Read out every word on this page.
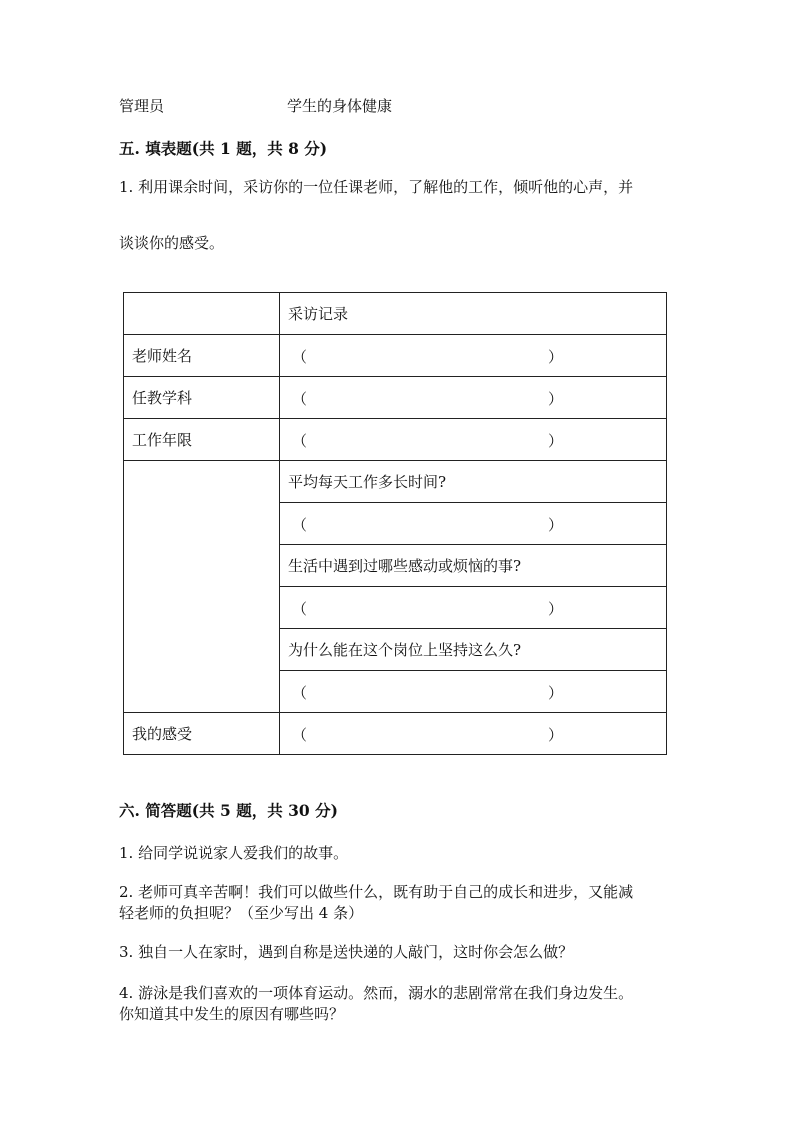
管理员	学生的身体健康
五. 填表题(共 1 题，共 8 分)
1. 利用课余时间，采访你的一位任课老师，了解他的工作，倾听他的心声，并
谈谈你的感受。
	采访记录
老师姓名	（ ）

任教学科	（ ）

工作年限	（ ）

	平均每天工作多长时间?

	（ ）

	生活中遇到过哪些感动或烦恼的事?

	（ ）

	为什么能在这个岗位上坚持这么久?

	（ ）

我的感受	（ ）
六. 简答题(共 5 题，共 30 分)
1. 给同学说说家人爱我们的故事。
2. 老师可真辛苦啊！我们可以做些什么，既有助于自己的成长和进步，又能减
轻老师的负担呢？（至少写出 4 条）
3. 独自一人在家时，遇到自称是送快递的人敲门，这时你会怎么做？
4. 游泳是我们喜欢的一项体育运动。然而，溺水的悲剧常常在我们身边发生。
你知道其中发生的原因有哪些吗？
